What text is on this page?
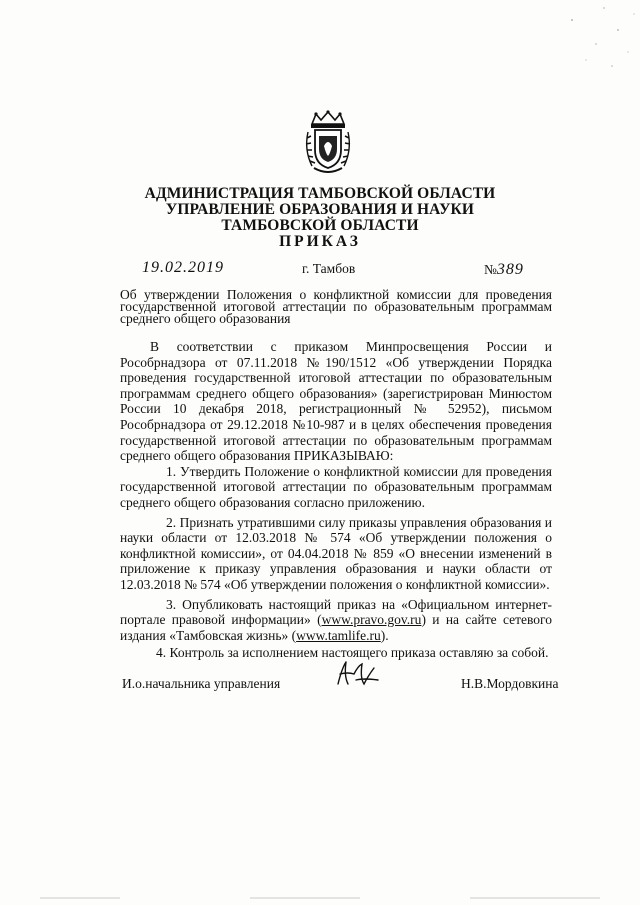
АДМИНИСТРАЦИЯ ТАМБОВСКОЙ ОБЛАСТИ
УПРАВЛЕНИЕ ОБРАЗОВАНИЯ И НАУКИ
ТАМБОВСКОЙ ОБЛАСТИ
ПРИКАЗ
19.02.2019	г. Тамбов	№389
Об утверждении Положения о конфликтной комиссии для проведения государственной итоговой аттестации по образовательным программам среднего общего образования

В соответствии с приказом Минпросвещения России и Рособрнадзора от 07.11.2018 №190/1512 «Об утверждении Порядка проведения государственной итоговой аттестации по образовательным программам среднего общего образования» (зарегистрирован Минюстом России 10 декабря 2018, регистрационный № 52952), письмом Рособрнадзора от 29.12.2018 №10-987 и в целях обеспечения проведения государственной итоговой аттестации по образовательным программам среднего общего образования ПРИКАЗЫВАЮ:

1. Утвердить Положение о конфликтной комиссии для проведения государственной итоговой аттестации по образовательным программам среднего общего образования согласно приложению.

2. Признать утратившими силу приказы управления образования и науки области от 12.03.2018 № 574 «Об утверждении положения о конфликтной комиссии», от 04.04.2018 № 859 «О внесении изменений в приложение к приказу управления образования и науки области от 12.03.2018 № 574 «Об утверждении положения о конфликтной комиссии».

3. Опубликовать настоящий приказ на «Официальном интернет-портале правовой информации» (www.pravo.gov.ru) и на сайте сетевого издания «Тамбовская жизнь» (www.tamlife.ru).

4. Контроль за исполнением настоящего приказа оставляю за собой.

И.о.начальника управления	Н.В.Мордовкина
